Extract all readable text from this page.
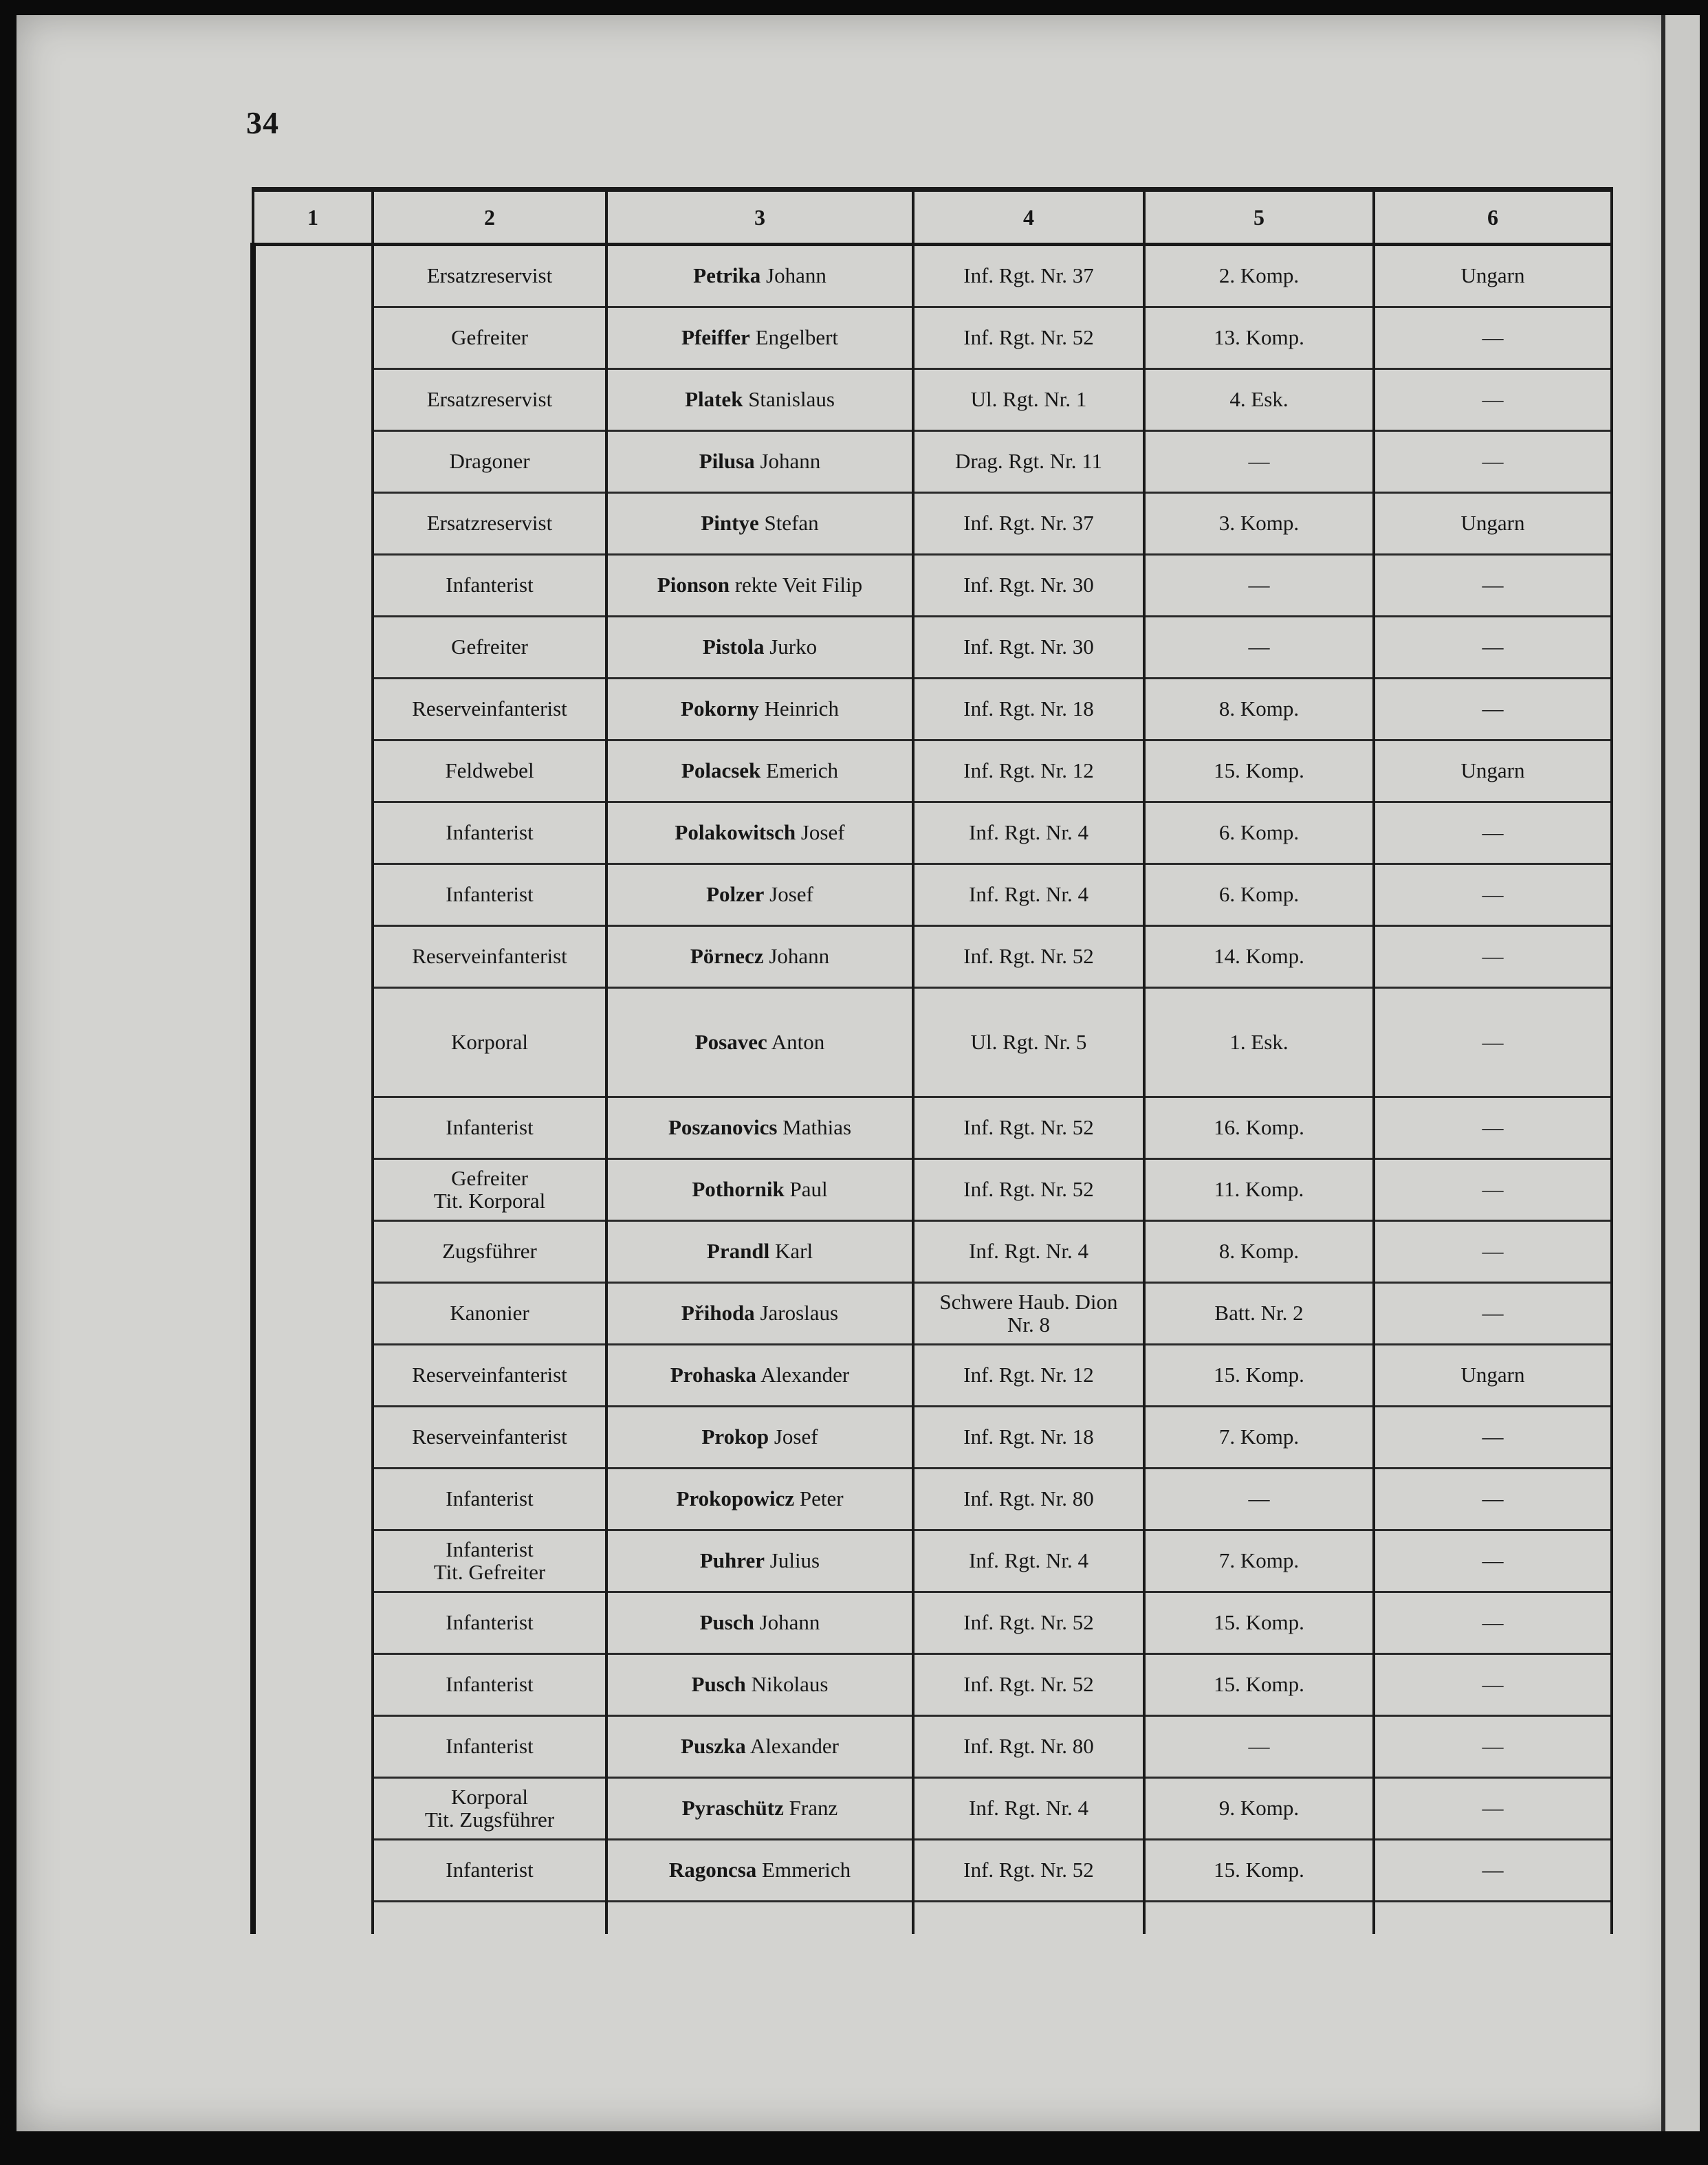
34
1	2	3	4	5	6

	Ersatzreservist	Petrika Johann	Inf. Rgt. Nr. 37	2. Komp.	Ungarn

	Gefreiter	Pfeiffer Engelbert	Inf. Rgt. Nr. 52	13. Komp.	—

	Ersatzreservist	Platek Stanislaus	Ul. Rgt. Nr. 1	4. Esk.	—

	Dragoner	Pilusa Johann	Drag. Rgt. Nr. 11	—	—

	Ersatzreservist	Pintye Stefan	Inf. Rgt. Nr. 37	3. Komp.	Ungarn

	Infanterist	Pionson rekte Veit Filip	Inf. Rgt. Nr. 30	—	—

	Gefreiter	Pistola Jurko	Inf. Rgt. Nr. 30	—	—

	Reserveinfanterist	Pokorny Heinrich	Inf. Rgt. Nr. 18	8. Komp.	—

	Feldwebel	Polacsek Emerich	Inf. Rgt. Nr. 12	15. Komp.	Ungarn

	Infanterist	Polakowitsch Josef	Inf. Rgt. Nr. 4	6. Komp.	—

	Infanterist	Polzer Josef	Inf. Rgt. Nr. 4	6. Komp.	—

	Reserveinfanterist	Pörnecz Johann	Inf. Rgt. Nr. 52	14. Komp.	—

	Korporal	Posavec Anton	Ul. Rgt. Nr. 5	1. Esk.	—

	Infanterist	Poszanovics Mathias	Inf. Rgt. Nr. 52	16. Komp.	—

	Gefreiter
Tit. Korporal	Pothornik Paul	Inf. Rgt. Nr. 52	11. Komp.	—

	Zugsführer	Prandl Karl	Inf. Rgt. Nr. 4	8. Komp.	—

	Kanonier	Přihoda Jaroslaus	Schwere Haub. Dion
Nr. 8	Batt. Nr. 2	—

	Reserveinfanterist	Prohaska Alexander	Inf. Rgt. Nr. 12	15. Komp.	Ungarn

	Reserveinfanterist	Prokop Josef	Inf. Rgt. Nr. 18	7. Komp.	—

	Infanterist	Prokopowicz Peter	Inf. Rgt. Nr. 80	—	—

	Infanterist
Tit. Gefreiter	Puhrer Julius	Inf. Rgt. Nr. 4	7. Komp.	—

	Infanterist	Pusch Johann	Inf. Rgt. Nr. 52	15. Komp.	—

	Infanterist	Pusch Nikolaus	Inf. Rgt. Nr. 52	15. Komp.	—

	Infanterist	Puszka Alexander	Inf. Rgt. Nr. 80	—	—

	Korporal
Tit. Zugsführer	Pyraschütz Franz	Inf. Rgt. Nr. 4	9. Komp.	—

	Infanterist	Ragoncsa Emmerich	Inf. Rgt. Nr. 52	15. Komp.	—
